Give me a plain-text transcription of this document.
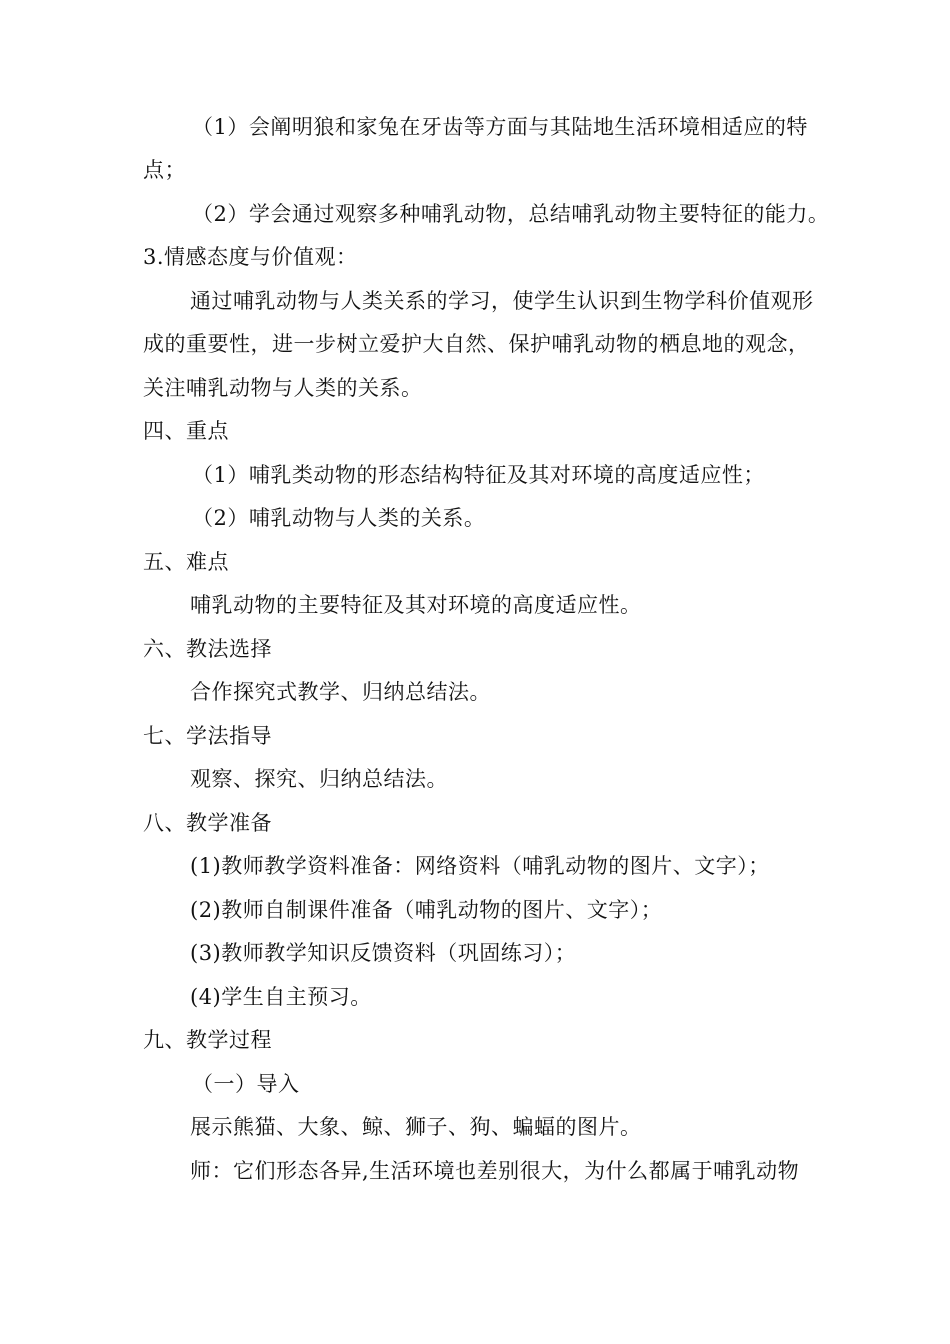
（1）会阐明狼和家兔在牙齿等方面与其陆地生活环境相适应的特
点；
（2）学会通过观察多种哺乳动物，总结哺乳动物主要特征的能力。
3.情感态度与价值观：
通过哺乳动物与人类关系的学习，使学生认识到生物学科价值观形
成的重要性，进一步树立爱护大自然、保护哺乳动物的栖息地的观念，
关注哺乳动物与人类的关系。
四、重点
（1）哺乳类动物的形态结构特征及其对环境的高度适应性；
（2）哺乳动物与人类的关系。
五、难点
哺乳动物的主要特征及其对环境的高度适应性。
六、教法选择
合作探究式教学、归纳总结法。
七、学法指导
观察、探究、归纳总结法。
八、教学准备
(1)教师教学资料准备：网络资料（哺乳动物的图片、文字）；
(2)教师自制课件准备（哺乳动物的图片、文字）；
(3)教师教学知识反馈资料（巩固练习）；
(4)学生自主预习。
九、教学过程
（一）导入
展示熊猫、大象、鲸、狮子、狗、蝙蝠的图片。
师：它们形态各异,生活环境也差别很大，为什么都属于哺乳动物
